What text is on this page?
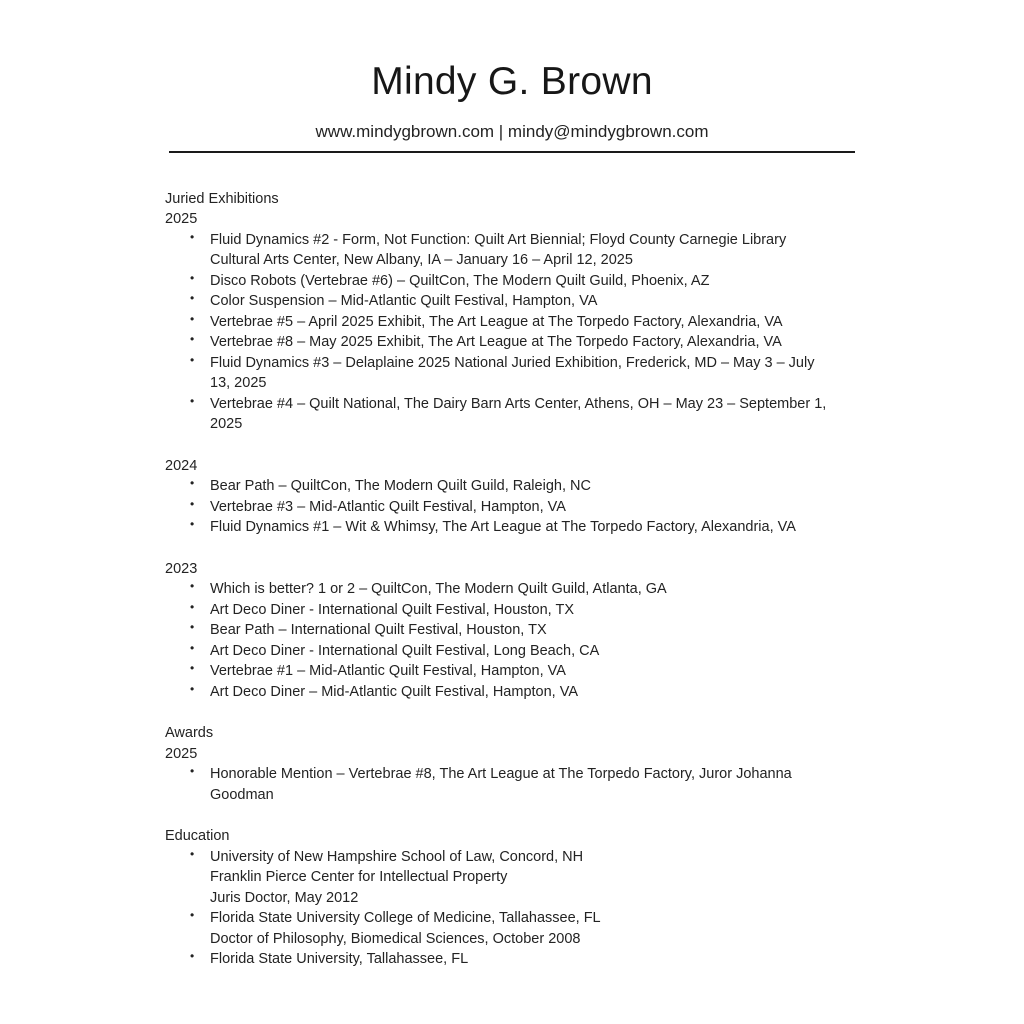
Mindy G. Brown
www.mindygbrown.com | mindy@mindygbrown.com
Juried Exhibitions
2025
•	Fluid Dynamics #2 - Form, Not Function: Quilt Art Biennial; Floyd County Carnegie Library
Cultural Arts Center, New Albany, IA – January 16 – April 12, 2025
•	Disco Robots (Vertebrae #6) – QuiltCon, The Modern Quilt Guild, Phoenix, AZ
•	Color Suspension – Mid-Atlantic Quilt Festival, Hampton, VA
•	Vertebrae #5 – April 2025 Exhibit, The Art League at The Torpedo Factory, Alexandria, VA
•	Vertebrae #8 – May 2025 Exhibit, The Art League at The Torpedo Factory, Alexandria, VA
•	Fluid Dynamics #3 – Delaplaine 2025 National Juried Exhibition, Frederick, MD – May 3 – July
13, 2025
•	Vertebrae #4 – Quilt National, The Dairy Barn Arts Center, Athens, OH – May 23 – September 1,
2025
2024
•	Bear Path – QuiltCon, The Modern Quilt Guild, Raleigh, NC
•	Vertebrae #3 – Mid-Atlantic Quilt Festival, Hampton, VA
•	Fluid Dynamics #1 – Wit & Whimsy, The Art League at The Torpedo Factory, Alexandria, VA
2023
•	Which is better? 1 or 2 – QuiltCon, The Modern Quilt Guild, Atlanta, GA
•	Art Deco Diner - International Quilt Festival, Houston, TX
•	Bear Path – International Quilt Festival, Houston, TX
•	Art Deco Diner - International Quilt Festival, Long Beach, CA
•	Vertebrae #1 – Mid-Atlantic Quilt Festival, Hampton, VA
•	Art Deco Diner – Mid-Atlantic Quilt Festival, Hampton, VA
Awards
2025
•	Honorable Mention – Vertebrae #8, The Art League at The Torpedo Factory, Juror Johanna
Goodman
Education
•	University of New Hampshire School of Law, Concord, NH
Franklin Pierce Center for Intellectual Property
Juris Doctor, May 2012
•	Florida State University College of Medicine, Tallahassee, FL
Doctor of Philosophy, Biomedical Sciences, October 2008
•	Florida State University, Tallahassee, FL
